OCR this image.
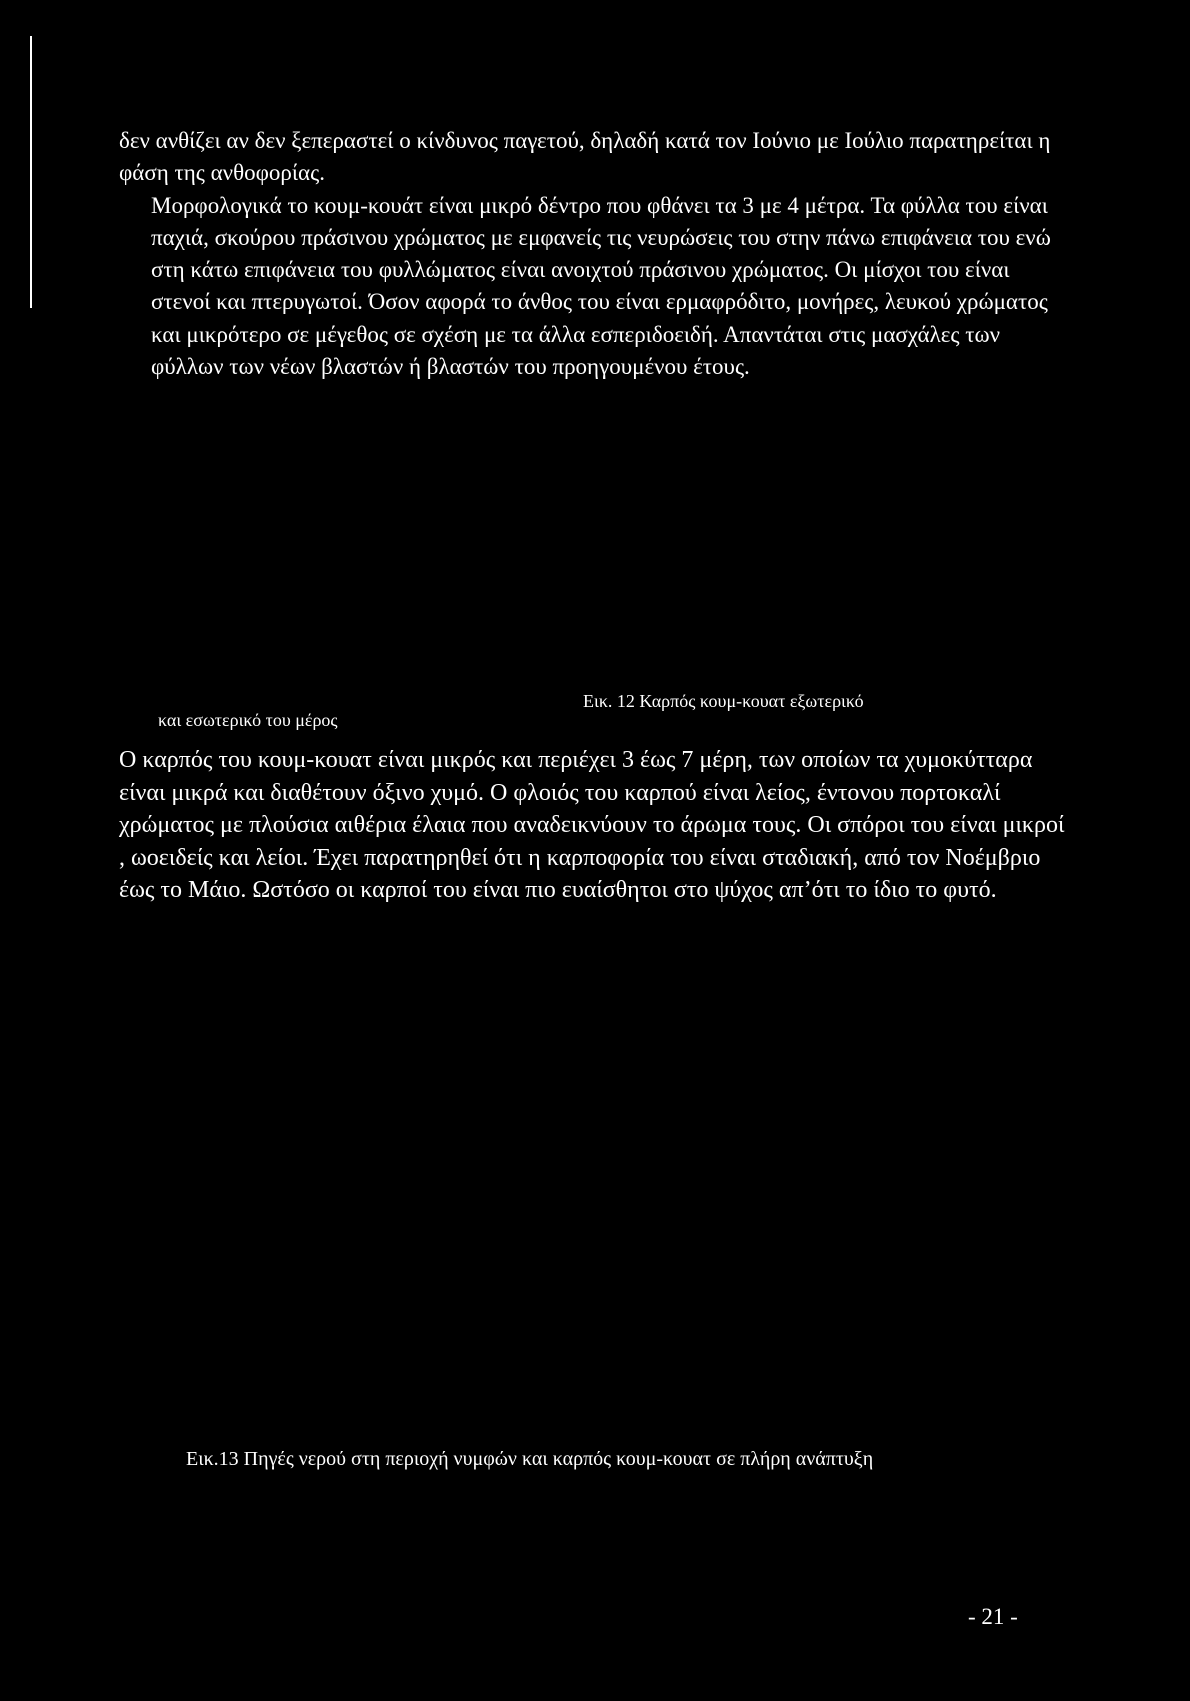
δεν ανθίζει αν δεν ξεπεραστεί ο κίνδυνος παγετού, δηλαδή κατά τον Ιούνιο με Ιούλιο παρατηρείται η φάση της ανθοφορίας.
Μορφολογικά το κουμ-κουάτ είναι μικρό δέντρο που φθάνει τα 3 με 4 μέτρα. Τα φύλλα του είναι παχιά, σκούρου πράσινου χρώματος με εμφανείς τις νευρώσεις του στην πάνω επιφάνεια του ενώ στη κάτω επιφάνεια του φυλλώματος είναι ανοιχτού πράσινου χρώματος. Οι μίσχοι του είναι στενοί και πτερυγωτοί. Όσον αφορά το άνθος του είναι ερμαφρόδιτο, μονήρες, λευκού χρώματος και μικρότερο σε μέγεθος σε σχέση με τα άλλα εσπεριδοειδή. Απαντάται στις μασχάλες των φύλλων των νέων βλαστών ή βλαστών του προηγουμένου έτους.

Εικ. 12 Καρπός κουμ-κουατ εξωτερικό

και εσωτερικό του μέρος

Ο καρπός του κουμ-κουατ είναι μικρός και περιέχει 3 έως 7 μέρη, των οποίων τα χυμοκύτταρα είναι μικρά και διαθέτουν όξινο χυμό. Ο φλοιός του καρπού είναι λείος, έντονου πορτοκαλί χρώματος με πλούσια αιθέρια έλαια που αναδεικνύουν το άρωμα τους. Οι σπόροι του είναι μικροί , ωοειδείς και λείοι. Έχει παρατηρηθεί ότι η καρποφορία του είναι σταδιακή, από τον Νοέμβριο έως το Μάιο. Ωστόσο οι καρποί του είναι πιο ευαίσθητοι στο ψύχος απ’ότι το ίδιο το φυτό.

Εικ.13 Πηγές νερού στη περιοχή νυμφών και καρπός κουμ-κουατ σε πλήρη ανάπτυξη

- 21 -
